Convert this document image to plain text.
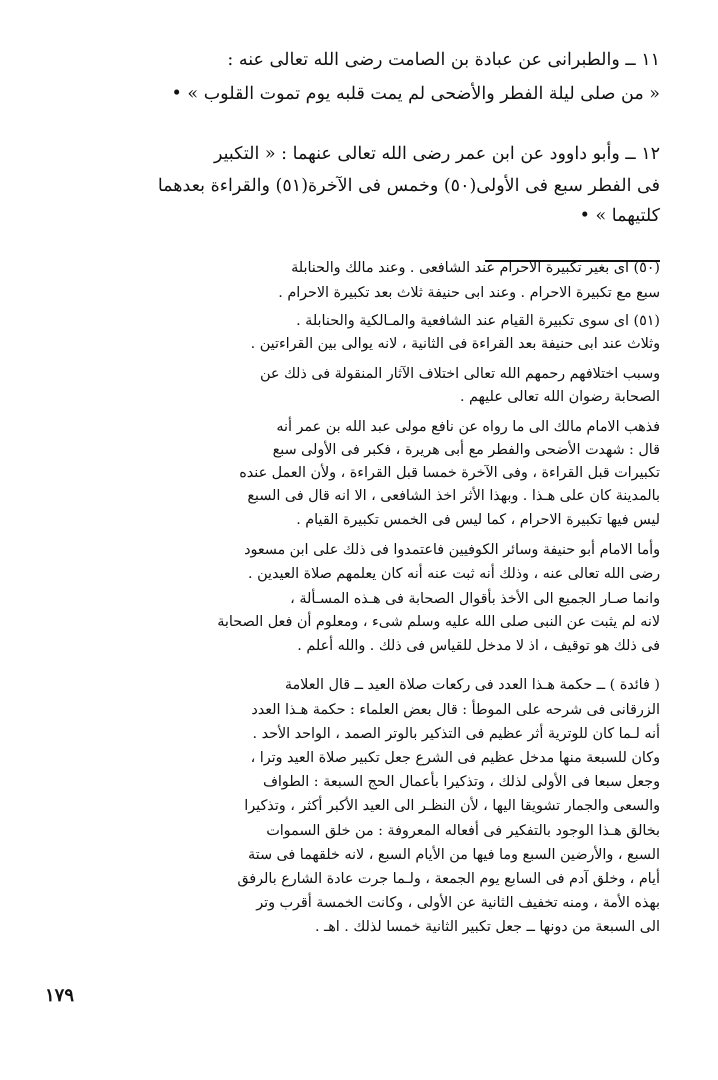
١١ ــ والطبرانى عن عبادة بن الصامت رضى الله تعالى عنه :
« من صلى ليلة الفطر والأضحى لم يمت قلبه يوم تموت القلوب » •
١٢ ــ وأبو داوود عن ابن عمر رضى الله تعالى عنهما : « التكبير
فى الفطر سبع فى الأولى(٥٠) وخمس فى الآخرة(٥١) والقراءة بعدهما
كلتيهما » •
(٥٠) اى بغير تكبيرة الاحرام عند الشافعى . وعند مالك والحنابلة
سبع مع تكبيرة الاحرام . وعند ابى حنيفة ثلاث بعد تكبيرة الاحرام .
(٥١) اى سوى تكبيرة القيام عند الشافعية والمـالكية والحنابلة .
وثلاث عند ابى حنيفة بعد القراءة فى الثانية ، لانه يوالى بين القراءتين .
وسبب اختلافهم رحمهم الله تعالى اختلاف الآثار المنقولة فى ذلك عن
الصحابة رضوان الله تعالى عليهم .
فذهب الامام مالك الى ما رواه عن نافع مولى عبد الله بن عمر أنه
قال : شهدت الأضحى والفطر مع أبى هريرة ، فكبر فى الأولى سبع
تكبيرات قبل القراءة ، وفى الآخرة خمسا قبل القراءة ، ولأن العمل عنده
بالمدينة كان على هـذا . وبهذا الأثر اخذ الشافعى ، الا انه قال فى السبع
ليس فيها تكبيرة الاحرام ، كما ليس فى الخمس تكبيرة القيام .
وأما الامام أبو حنيفة وسائر الكوفيين فاعتمدوا فى ذلك على ابن مسعود
رضى الله تعالى عنه ، وذلك أنه ثبت عنه أنه كان يعلمهم صلاة العيدين .
وانما صـار الجميع الى الأخذ بأقوال الصحابة فى هـذه المسـألة ،
لانه لم يثبت عن النبى صلى الله عليه وسلم شىء ، ومعلوم أن فعل الصحابة
فى ذلك هو توقيف ، اذ لا مدخل للقياس فى ذلك . والله أعلم .
( فائدة ) ــ حكمة هـذا العدد فى ركعات صلاة العيد ــ قال العلامة
الزرقانى فى شرحه على الموطأ : قال بعض العلماء : حكمة هـذا العدد
أنه لـما كان للوترية أثر عظيم فى التذكير بالوتر الصمد ، الواحد الأحد .
وكان للسبعة منها مدخل عظيم فى الشرع جعل تكبير صلاة العيد وترا ،
وجعل سبعا فى الأولى لذلك ، وتذكيرا بأعمال الحج السبعة : الطواف
والسعى والجمار تشويقا اليها ، لأن النظـر الى العيد الأكبر أكثر ، وتذكيرا
بخالق هـذا الوجود بالتفكير فى أفعاله المعروفة : من خلق السموات
السبع ، والأرضين السبع وما فيها من الأيام السبع ، لانه خلقهما فى ستة
أيام ، وخلق آدم فى السابع يوم الجمعة ، ولـما جرت عادة الشارع بالرفق
بهذه الأمة ، ومنه تخفيف الثانية عن الأولى ، وكانت الخمسة أقرب وتر
الى السبعة من دونها ــ جعل تكبير الثانية خمسا لذلك . اهـ .
١٧٩
